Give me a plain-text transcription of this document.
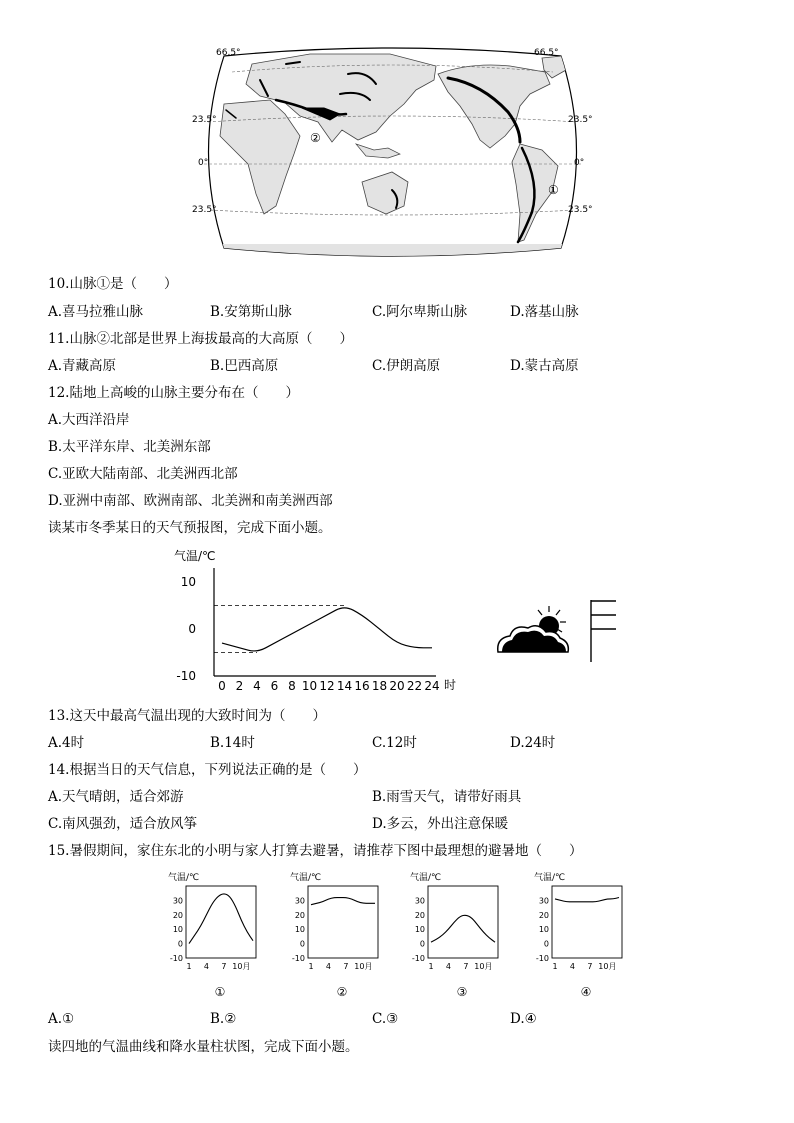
66.5°	66.5°
23.5°
0°
23.5°
23.5°
0°
23.5°
①
②
10.山脉①是（　　）
A.喜马拉雅山脉	B.安第斯山脉	C.阿尔卑斯山脉	D.落基山脉
11.山脉②北部是世界上海拔最高的大高原（　　）
A.青藏高原	B.巴西高原	C.伊朗高原	D.蒙古高原
12.陆地上高峻的山脉主要分布在（　　）
A.大西洋沿岸
B.太平洋东岸、北美洲东部
C.亚欧大陆南部、北美洲西北部
D.亚洲中南部、欧洲南部、北美洲和南美洲西部
读某市冬季某日的天气预报图，完成下面小题。
气温/℃
10
0
-10
0 2 4 6 8 10 12 14 16 18 20 22 24 时
13.这天中最高气温出现的大致时间为（　　）
A.4时	B.14时	C.12时	D.24时
14.根据当日的天气信息，下列说法正确的是（　　）
A.天气晴朗，适合郊游	B.雨雪天气，请带好雨具
C.南风强劲，适合放风筝	D.多云，外出注意保暖
15.暑假期间，家住东北的小明与家人打算去避暑，请推荐下图中最理想的避暑地（　　）
气温/℃
30
20
10
0
-10
1 4 7 10月
①
气温/℃
30
20
10
0
-10
1 4 7 10月
②
气温/℃
30
20
10
0
-10
1 4 7 10月
③
气温/℃
30
20
10
0
-10
1 4 7 10月
④
A.①	B.②	C.③	D.④
读四地的气温曲线和降水量柱状图，完成下面小题。
